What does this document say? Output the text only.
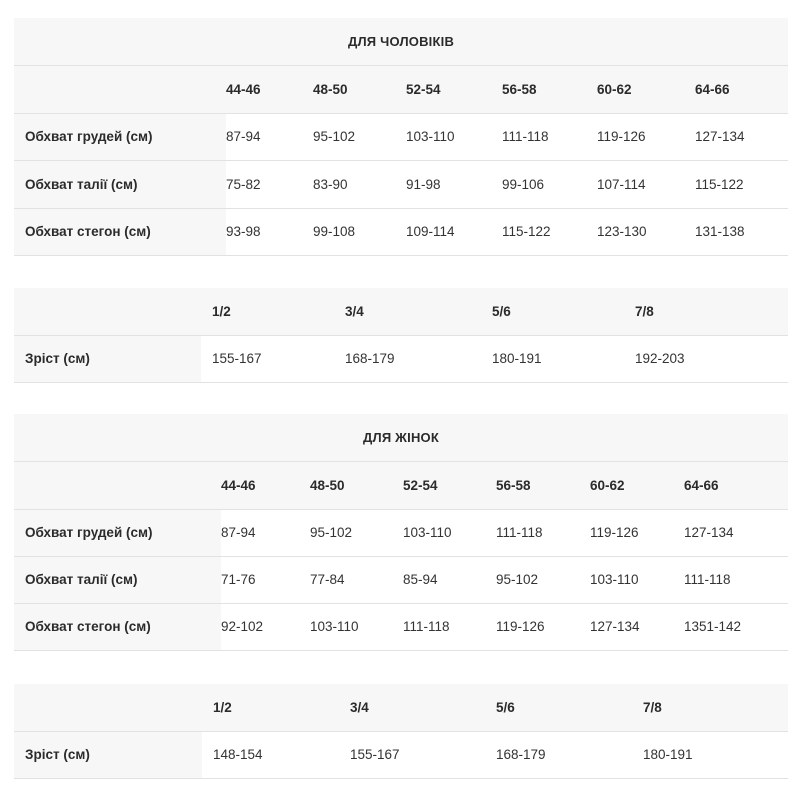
ДЛЯ ЧОЛОВІКІВ						
	44-46	48-50	52-54	56-58	60-62	64-66
Обхват грудей (см)	87-94	95-102	103-110	111-118	119-126	127-134
Обхват талії (см)	75-82	83-90	91-98	99-106	107-114	115-122
Обхват стегон (см)	93-98	99-108	109-114	115-122	123-130	131-138
	1/2	3/4	5/6	7/8
Зріст (см)	155-167	168-179	180-191	192-203
ДЛЯ ЖІНОК						
	44-46	48-50	52-54	56-58	60-62	64-66
Обхват грудей (см)	87-94	95-102	103-110	111-118	119-126	127-134
Обхват талії (см)	71-76	77-84	85-94	95-102	103-110	111-118
Обхват стегон (см)	92-102	103-110	111-118	119-126	127-134	1351-142
	1/2	3/4	5/6	7/8
Зріст (см)	148-154	155-167	168-179	180-191
